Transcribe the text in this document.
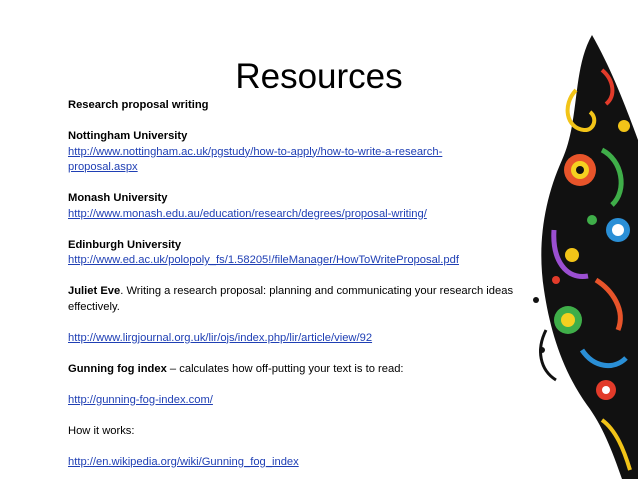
Resources

Research proposal writing

Nottingham University

http://www.nottingham.ac.uk/pgstudy/how-to-apply/how-to-write-a-research-
proposal.aspx

Monash University

http://www.monash.edu.au/education/research/degrees/proposal-writing/

Edinburgh University

http://www.ed.ac.uk/polopoly_fs/1.58205!/fileManager/HowToWriteProposal.pdf

Juliet Eve. Writing a research proposal: planning and communicating your research ideas effectively.

http://www.lirgjournal.org.uk/lir/ojs/index.php/lir/article/view/92

Gunning fog index – calculates how off-putting your text is to read:

http://gunning-fog-index.com/

How it works:

http://en.wikipedia.org/wiki/Gunning_fog_index
